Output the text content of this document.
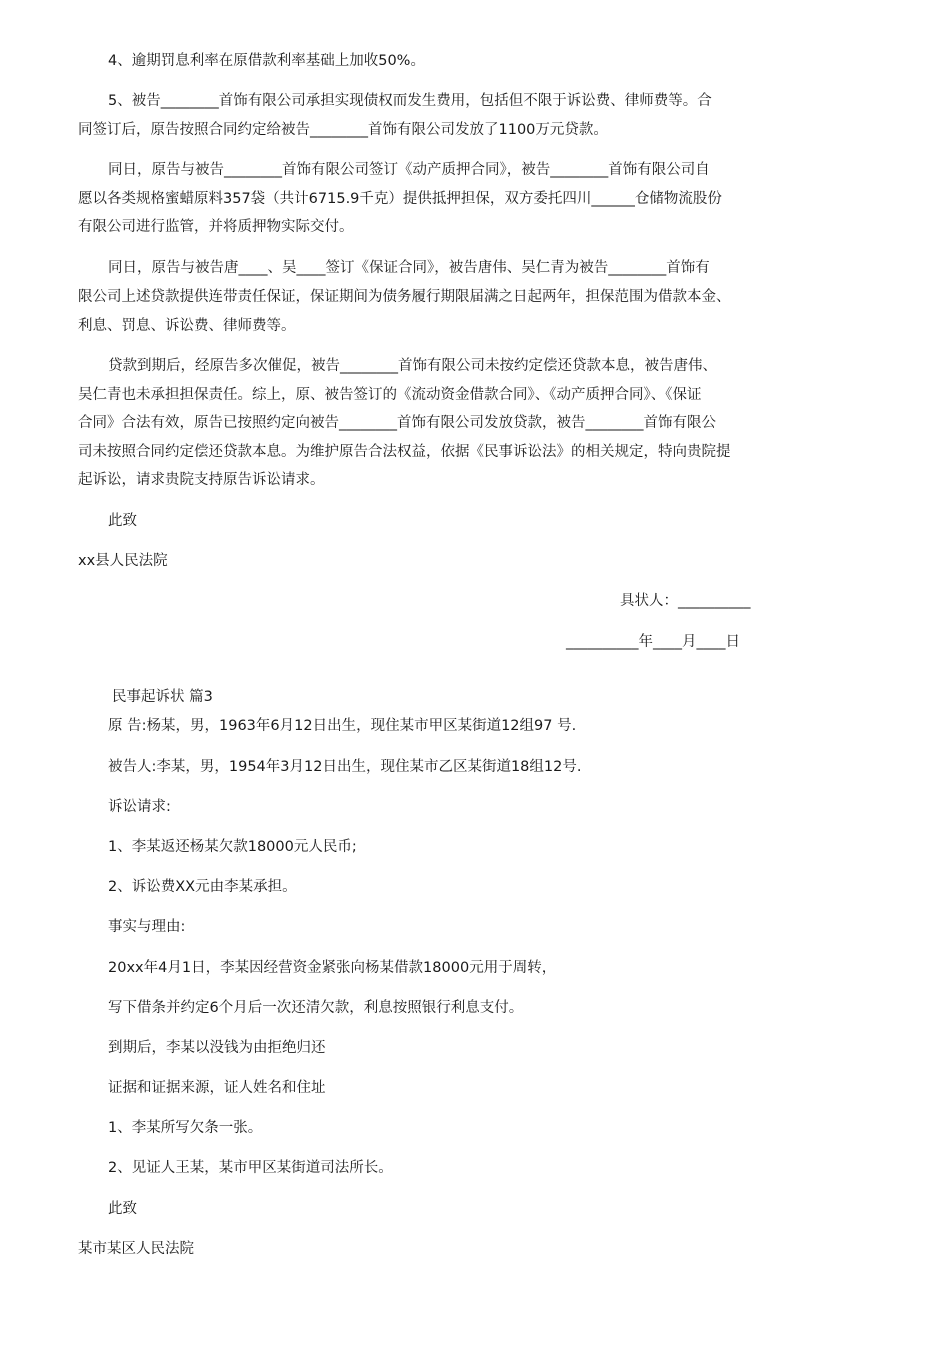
4、逾期罚息利率在原借款利率基础上加收50%。
5、被告________首饰有限公司承担实现债权而发生费用，包括但不限于诉讼费、律师费等。合
同签订后，原告按照合同约定给被告________首饰有限公司发放了1100万元贷款。
同日，原告与被告________首饰有限公司签订《动产质押合同》，被告________首饰有限公司自
愿以各类规格蜜蜡原料357袋（共计6715.9千克）提供抵押担保，双方委托四川______仓储物流股份
有限公司进行监管，并将质押物实际交付。
同日，原告与被告唐____、吴____签订《保证合同》，被告唐伟、吴仁青为被告________首饰有
限公司上述贷款提供连带责任保证，保证期间为债务履行期限届满之日起两年，担保范围为借款本金、
利息、罚息、诉讼费、律师费等。
贷款到期后，经原告多次催促，被告________首饰有限公司未按约定偿还贷款本息，被告唐伟、
吴仁青也未承担担保责任。综上，原、被告签订的《流动资金借款合同》、《动产质押合同》、《保证
合同》合法有效，原告已按照约定向被告________首饰有限公司发放贷款，被告________首饰有限公
司未按照合同约定偿还贷款本息。为维护原告合法权益，依据《民事诉讼法》的相关规定，特向贵院提
起诉讼，请求贵院支持原告诉讼请求。
此致
xx县人民法院
具状人：__________
__________年____月____日
民事起诉状 篇3
原 告:杨某，男，1963年6月12日出生，现住某市甲区某街道12组97 号.
被告人:李某，男，1954年3月12日出生，现住某市乙区某街道18组12号.
诉讼请求:
1、李某返还杨某欠款18000元人民币;
2、诉讼费XX元由李某承担。
事实与理由:
20xx年4月1日，李某因经营资金紧张向杨某借款18000元用于周转，
写下借条并约定6个月后一次还清欠款，利息按照银行利息支付。
到期后，李某以没钱为由拒绝归还
证据和证据来源，证人姓名和住址
1、李某所写欠条一张。
2、见证人王某，某市甲区某街道司法所长。
此致
某市某区人民法院
